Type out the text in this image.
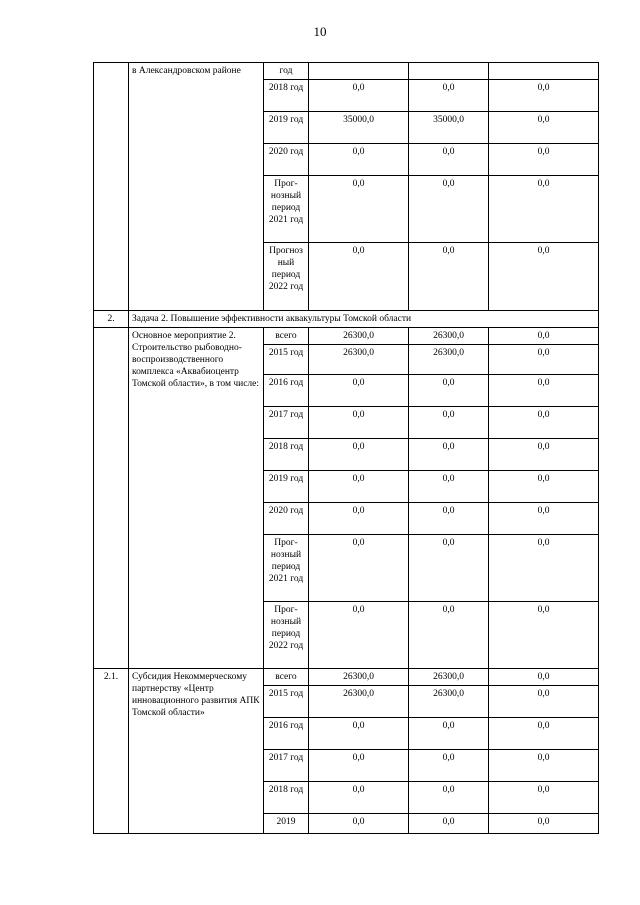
10
	в Александровском районе	год			
		2018 год	0,0	0,0	0,0
		2019 год	35000,0	35000,0	0,0
		2020 год	0,0	0,0	0,0
		Прог-нозный период 2021 год	0,0	0,0	0,0
		Прогноз ный период 2022 год	0,0	0,0	0,0
2.	Задача 2. Повышение эффективности аквакультуры Томской области				
	Основное мероприятие 2. Строительство рыбоводно-воспроизводственного комплекса «Аквабиоцентр Томской области», в том числе:	всего	26300,0	26300,0	0,0
		2015 год	26300,0	26300,0	0,0
		2016 год	0,0	0,0	0,0
		2017 год	0,0	0,0	0,0
		2018 год	0,0	0,0	0,0
		2019 год	0,0	0,0	0,0
		2020 год	0,0	0,0	0,0
		Прог-нозный период 2021 год	0,0	0,0	0,0
		Прог-нозный период 2022 год	0,0	0,0	0,0
2.1.	Субсидия Некоммерческому партнерству «Центр инновационного развития АПК Томской области»	всего	26300,0	26300,0	0,0
		2015 год	26300,0	26300,0	0,0
		2016 год	0,0	0,0	0,0
		2017 год	0,0	0,0	0,0
		2018 год	0,0	0,0	0,0
		2019	0,0	0,0	0,0
